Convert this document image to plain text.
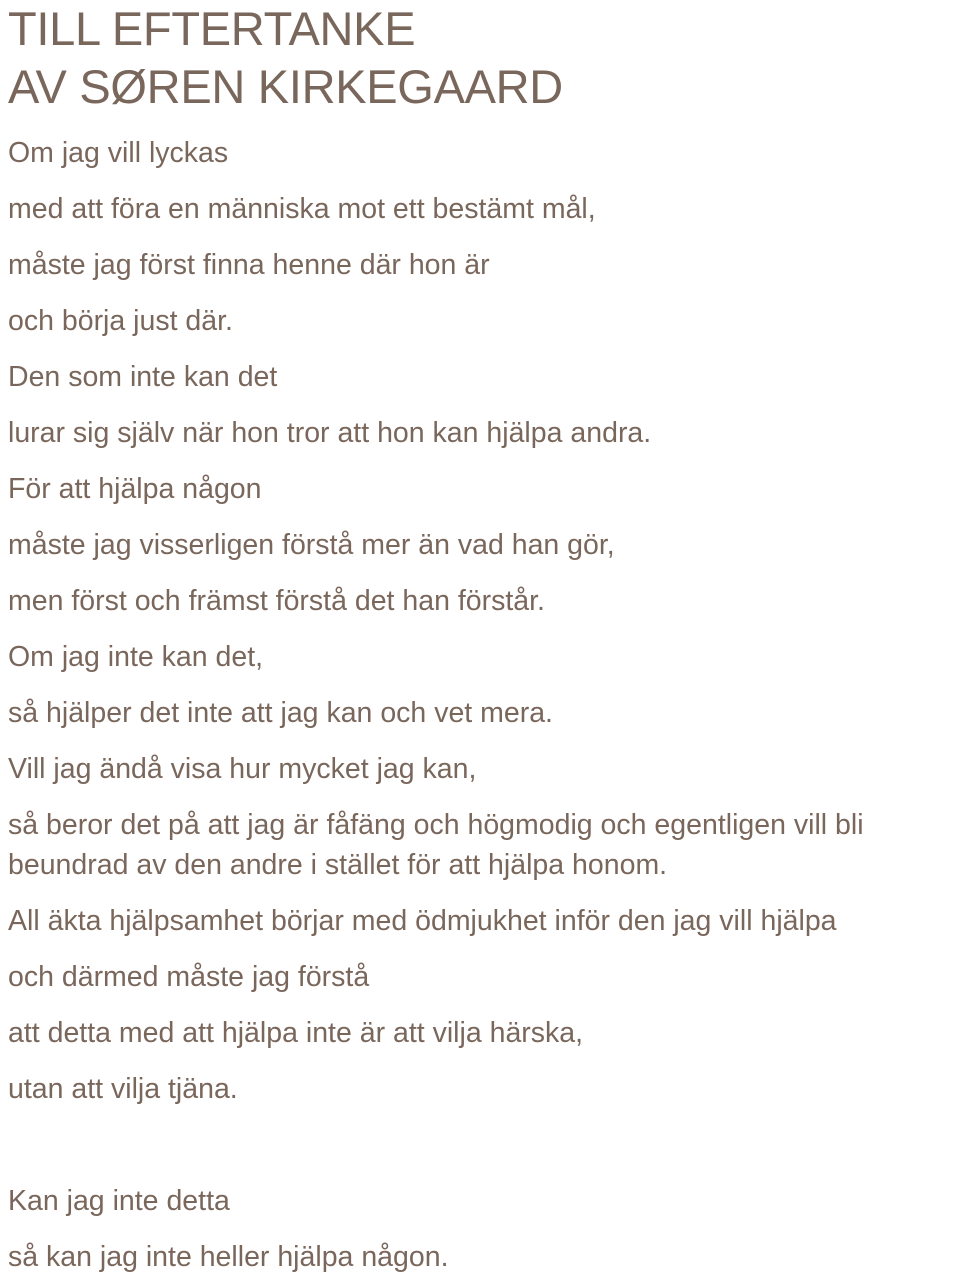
TILL EFTERTANKE
AV SØREN KIRKEGAARD
Om jag vill lyckas
med att föra en människa mot ett bestämt mål,
måste jag först finna henne där hon är
och börja just där.
Den som inte kan det
lurar sig själv när hon tror att hon kan hjälpa andra.
För att hjälpa någon
måste jag visserligen förstå mer än vad han gör,
men först och främst förstå det han förstår.
Om jag inte kan det,
så hjälper det inte att jag kan och vet mera.
Vill jag ändå visa hur mycket jag kan,
så beror det på att jag är fåfäng och högmodig och egentligen vill bli
beundrad av den andre i stället för att hjälpa honom.
All äkta hjälpsamhet börjar med ödmjukhet inför den jag vill hjälpa
och därmed måste jag förstå
att detta med att hjälpa inte är att vilja härska,
utan att vilja tjäna.
Kan jag inte detta
så kan jag inte heller hjälpa någon.
